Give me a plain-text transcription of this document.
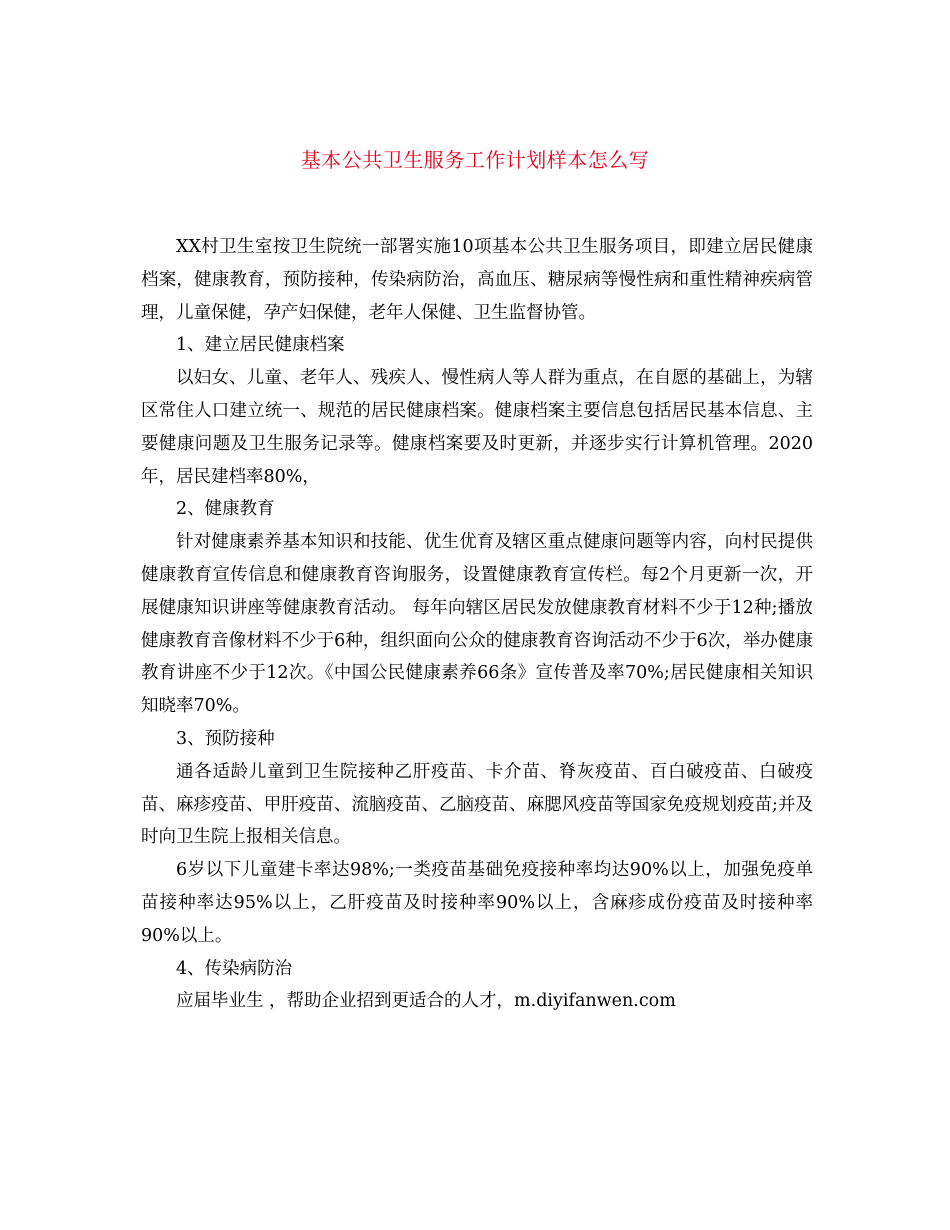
基本公共卫生服务工作计划样本怎么写

XX村卫生室按卫生院统一部署实施10项基本公共卫生服务项目，即建立居民健康档案，健康教育，预防接种，传染病防治，高血压、糖尿病等慢性病和重性精神疾病管理，儿童保健，孕产妇保健，老年人保健、卫生监督协管。

1、建立居民健康档案

以妇女、儿童、老年人、残疾人、慢性病人等人群为重点，在自愿的基础上，为辖区常住人口建立统一、规范的居民健康档案。健康档案主要信息包括居民基本信息、主要健康问题及卫生服务记录等。健康档案要及时更新，并逐步实行计算机管理。2020年，居民建档率80%，

2、健康教育

针对健康素养基本知识和技能、优生优育及辖区重点健康问题等内容，向村民提供健康教育宣传信息和健康教育咨询服务，设置健康教育宣传栏。每2个月更新一次，开展健康知识讲座等健康教育活动。 每年向辖区居民发放健康教育材料不少于12种;播放健康教育音像材料不少于6种，组织面向公众的健康教育咨询活动不少于6次，举办健康教育讲座不少于12次。《中国公民健康素养66条》宣传普及率70%;居民健康相关知识知晓率70%。

3、预防接种

通各适龄儿童到卫生院接种乙肝疫苗、卡介苗、脊灰疫苗、百白破疫苗、白破疫苗、麻疹疫苗、甲肝疫苗、流脑疫苗、乙脑疫苗、麻腮风疫苗等国家免疫规划疫苗;并及时向卫生院上报相关信息。

6岁以下儿童建卡率达98%;一类疫苗基础免疫接种率均达90%以上，加强免疫单苗接种率达95%以上，乙肝疫苗及时接种率90%以上，含麻疹成份疫苗及时接种率90%以上。

4、传染病防治

应届毕业生 ，帮助企业招到更适合的人才，m.diyifanwen.com
